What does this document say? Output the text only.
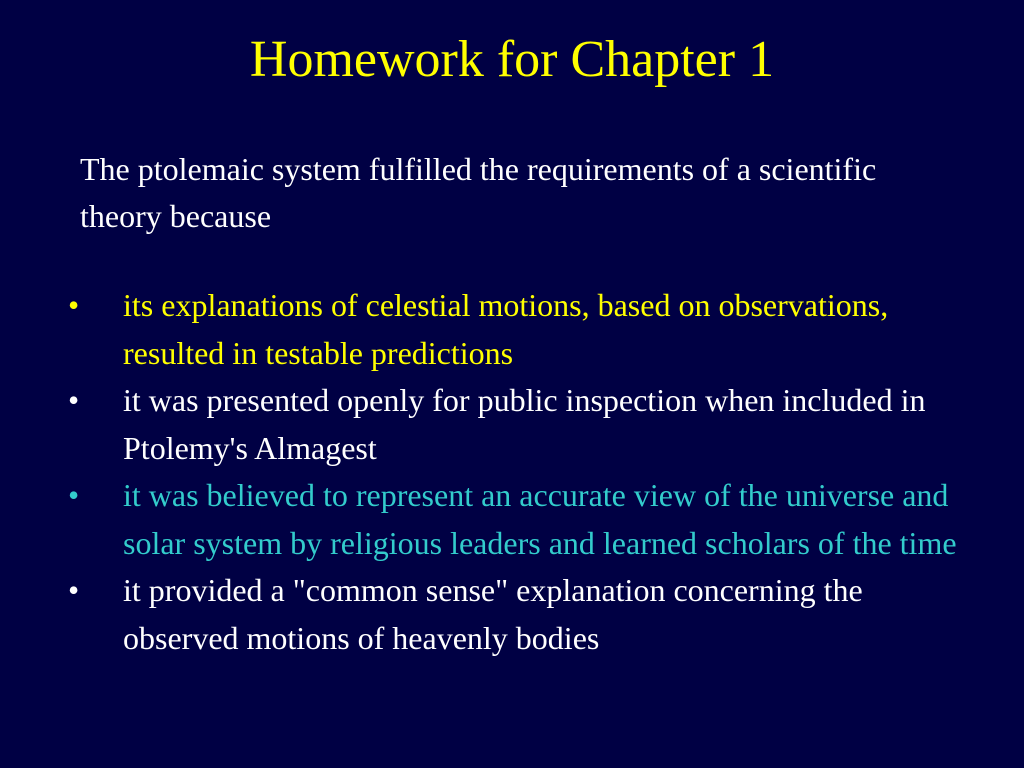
Homework for Chapter 1

The ptolemaic system fulfilled the requirements of a scientific theory because

• its explanations of celestial motions, based on observations, resulted in testable predictions
• it was presented openly for public inspection when included in Ptolemy's Almagest
• it was believed to represent an accurate view of the universe and solar system by religious leaders and learned scholars of the time
• it provided a "common sense" explanation concerning the observed motions of heavenly bodies
